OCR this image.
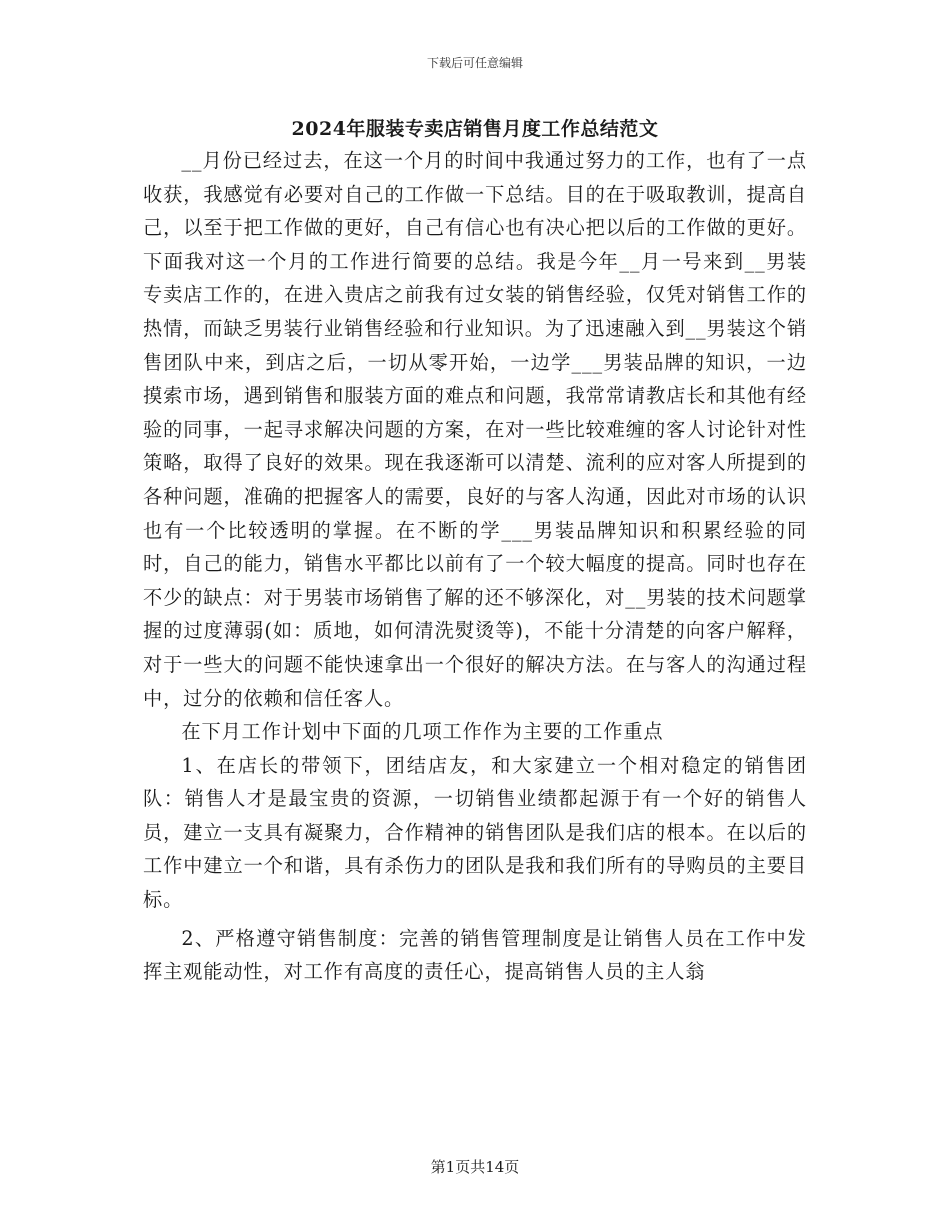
下载后可任意编辑
2024年服装专卖店销售月度工作总结范文

__月份已经过去，在这一个月的时间中我通过努力的工作，也有了一点收获，我感觉有必要对自己的工作做一下总结。目的在于吸取教训，提高自己，以至于把工作做的更好，自己有信心也有决心把以后的工作做的更好。下面我对这一个月的工作进行简要的总结。我是今年__月一号来到__男装专卖店工作的，在进入贵店之前我有过女装的销售经验，仅凭对销售工作的热情，而缺乏男装行业销售经验和行业知识。为了迅速融入到__男装这个销售团队中来，到店之后，一切从零开始，一边学___男装品牌的知识，一边摸索市场，遇到销售和服装方面的难点和问题，我常常请教店长和其他有经验的同事，一起寻求解决问题的方案，在对一些比较难缠的客人讨论针对性策略，取得了良好的效果。现在我逐渐可以清楚、流利的应对客人所提到的各种问题，准确的把握客人的需要，良好的与客人沟通，因此对市场的认识也有一个比较透明的掌握。在不断的学___男装品牌知识和积累经验的同时，自己的能力，销售水平都比以前有了一个较大幅度的提高。同时也存在不少的缺点：对于男装市场销售了解的还不够深化，对__男装的技术问题掌握的过度薄弱(如：质地，如何清洗熨烫等)，不能十分清楚的向客户解释，对于一些大的问题不能快速拿出一个很好的解决方法。在与客人的沟通过程中，过分的依赖和信任客人。

在下月工作计划中下面的几项工作作为主要的工作重点

1、在店长的带领下，团结店友，和大家建立一个相对稳定的销售团队：销售人才是最宝贵的资源，一切销售业绩都起源于有一个好的销售人员，建立一支具有凝聚力，合作精神的销售团队是我们店的根本。在以后的工作中建立一个和谐，具有杀伤力的团队是我和我们所有的导购员的主要目标。

2、严格遵守销售制度：完善的销售管理制度是让销售人员在工作中发挥主观能动性，对工作有高度的责任心，提高销售人员的主人翁

第1页共14页
